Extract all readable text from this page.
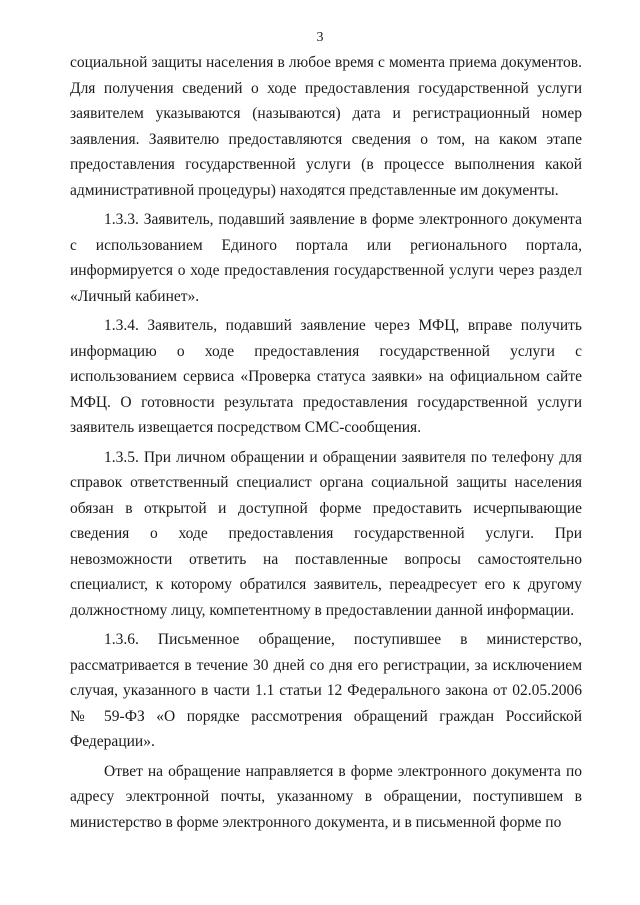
3

социальной защиты населения в любое время с момента приема документов. Для получения сведений о ходе предоставления государственной услуги заявителем указываются (называются) дата и регистрационный номер заявления. Заявителю предоставляются сведения о том, на каком этапе предоставления государственной услуги (в процессе выполнения какой административной процедуры) находятся представленные им документы.

1.3.3. Заявитель, подавший заявление в форме электронного документа с использованием Единого портала или регионального портала, информируется о ходе предоставления государственной услуги через раздел «Личный кабинет».

1.3.4. Заявитель, подавший заявление через МФЦ, вправе получить информацию о ходе предоставления государственной услуги с использованием сервиса «Проверка статуса заявки» на официальном сайте МФЦ. О готовности результата предоставления государственной услуги заявитель извещается посредством СМС-сообщения.

1.3.5. При личном обращении и обращении заявителя по телефону для справок ответственный специалист органа социальной защиты населения обязан в открытой и доступной форме предоставить исчерпывающие сведения о ходе предоставления государственной услуги. При невозможности ответить на поставленные вопросы самостоятельно специалист, к которому обратился заявитель, переадресует его к другому должностному лицу, компетентному в предоставлении данной информации.

1.3.6. Письменное обращение, поступившее в министерство, рассматривается в течение 30 дней со дня его регистрации, за исключением случая, указанного в части 1.1 статьи 12 Федерального закона от 02.05.2006 № 59-ФЗ «О порядке рассмотрения обращений граждан Российской Федерации».

Ответ на обращение направляется в форме электронного документа по адресу электронной почты, указанному в обращении, поступившем в министерство в форме электронного документа, и в письменной форме по
